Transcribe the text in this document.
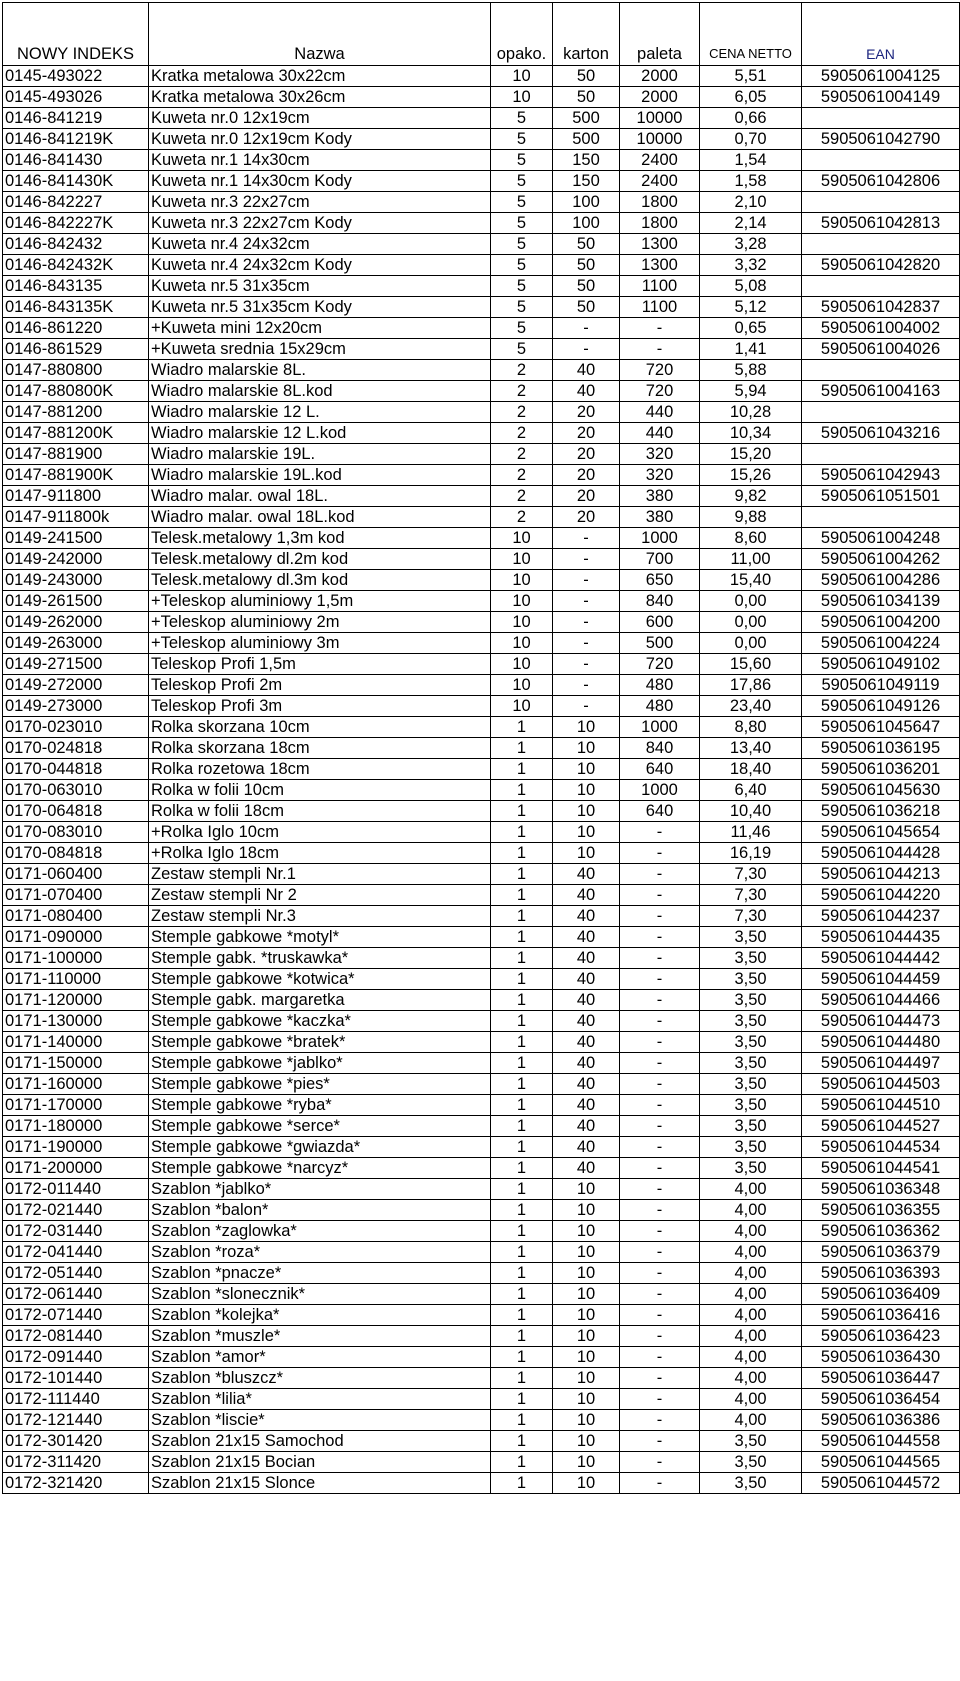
NOWY INDEKS	Nazwa	opako.	karton	paleta	CENA NETTO	EAN
0145-493022	Kratka metalowa 30x22cm	10	50	2000	5,51	5905061004125
0145-493026	Kratka metalowa 30x26cm	10	50	2000	6,05	5905061004149
0146-841219	Kuweta nr.0 12x19cm	5	500	10000	0,66	
0146-841219K	Kuweta nr.0 12x19cm Kody	5	500	10000	0,70	5905061042790
0146-841430	Kuweta nr.1 14x30cm	5	150	2400	1,54	
0146-841430K	Kuweta nr.1 14x30cm Kody	5	150	2400	1,58	5905061042806
0146-842227	Kuweta nr.3 22x27cm	5	100	1800	2,10	
0146-842227K	Kuweta nr.3 22x27cm Kody	5	100	1800	2,14	5905061042813
0146-842432	Kuweta nr.4 24x32cm	5	50	1300	3,28	
0146-842432K	Kuweta nr.4 24x32cm Kody	5	50	1300	3,32	5905061042820
0146-843135	Kuweta nr.5 31x35cm	5	50	1100	5,08	
0146-843135K	Kuweta nr.5 31x35cm Kody	5	50	1100	5,12	5905061042837
0146-861220	+Kuweta mini 12x20cm	5	-	-	0,65	5905061004002
0146-861529	+Kuweta srednia 15x29cm	5	-	-	1,41	5905061004026
0147-880800	Wiadro malarskie 8L.	2	40	720	5,88	
0147-880800K	Wiadro malarskie 8L.kod	2	40	720	5,94	5905061004163
0147-881200	Wiadro malarskie 12 L.	2	20	440	10,28	
0147-881200K	Wiadro malarskie 12 L.kod	2	20	440	10,34	5905061043216
0147-881900	Wiadro malarskie 19L.	2	20	320	15,20	
0147-881900K	Wiadro malarskie 19L.kod	2	20	320	15,26	5905061042943
0147-911800	Wiadro malar. owal 18L.	2	20	380	9,82	5905061051501
0147-911800k	Wiadro malar. owal 18L.kod	2	20	380	9,88	
0149-241500	Telesk.metalowy 1,3m kod	10	-	1000	8,60	5905061004248
0149-242000	Telesk.metalowy dl.2m kod	10	-	700	11,00	5905061004262
0149-243000	Telesk.metalowy dl.3m kod	10	-	650	15,40	5905061004286
0149-261500	+Teleskop aluminiowy 1,5m	10	-	840	0,00	5905061034139
0149-262000	+Teleskop aluminiowy 2m	10	-	600	0,00	5905061004200
0149-263000	+Teleskop aluminiowy 3m	10	-	500	0,00	5905061004224
0149-271500	Teleskop Profi 1,5m	10	-	720	15,60	5905061049102
0149-272000	Teleskop Profi 2m	10	-	480	17,86	5905061049119
0149-273000	Teleskop Profi 3m	10	-	480	23,40	5905061049126
0170-023010	Rolka skorzana 10cm	1	10	1000	8,80	5905061045647
0170-024818	Rolka skorzana 18cm	1	10	840	13,40	5905061036195
0170-044818	Rolka rozetowa 18cm	1	10	640	18,40	5905061036201
0170-063010	Rolka w folii 10cm	1	10	1000	6,40	5905061045630
0170-064818	Rolka w folii 18cm	1	10	640	10,40	5905061036218
0170-083010	+Rolka Iglo 10cm	1	10	-	11,46	5905061045654
0170-084818	+Rolka Iglo 18cm	1	10	-	16,19	5905061044428
0171-060400	Zestaw stempli Nr.1	1	40	-	7,30	5905061044213
0171-070400	Zestaw stempli Nr 2	1	40	-	7,30	5905061044220
0171-080400	Zestaw stempli Nr.3	1	40	-	7,30	5905061044237
0171-090000	Stemple gabkowe *motyl*	1	40	-	3,50	5905061044435
0171-100000	Stemple gabk. *truskawka*	1	40	-	3,50	5905061044442
0171-110000	Stemple gabkowe *kotwica*	1	40	-	3,50	5905061044459
0171-120000	Stemple gabk. margaretka	1	40	-	3,50	5905061044466
0171-130000	Stemple gabkowe *kaczka*	1	40	-	3,50	5905061044473
0171-140000	Stemple gabkowe *bratek*	1	40	-	3,50	5905061044480
0171-150000	Stemple gabkowe *jablko*	1	40	-	3,50	5905061044497
0171-160000	Stemple gabkowe *pies*	1	40	-	3,50	5905061044503
0171-170000	Stemple gabkowe *ryba*	1	40	-	3,50	5905061044510
0171-180000	Stemple gabkowe *serce*	1	40	-	3,50	5905061044527
0171-190000	Stemple gabkowe *gwiazda*	1	40	-	3,50	5905061044534
0171-200000	Stemple gabkowe *narcyz*	1	40	-	3,50	5905061044541
0172-011440	Szablon *jablko*	1	10	-	4,00	5905061036348
0172-021440	Szablon *balon*	1	10	-	4,00	5905061036355
0172-031440	Szablon *zaglowka*	1	10	-	4,00	5905061036362
0172-041440	Szablon *roza*	1	10	-	4,00	5905061036379
0172-051440	Szablon *pnacze*	1	10	-	4,00	5905061036393
0172-061440	Szablon *slonecznik*	1	10	-	4,00	5905061036409
0172-071440	Szablon *kolejka*	1	10	-	4,00	5905061036416
0172-081440	Szablon *muszle*	1	10	-	4,00	5905061036423
0172-091440	Szablon *amor*	1	10	-	4,00	5905061036430
0172-101440	Szablon *bluszcz*	1	10	-	4,00	5905061036447
0172-111440	Szablon *lilia*	1	10	-	4,00	5905061036454
0172-121440	Szablon *liscie*	1	10	-	4,00	5905061036386
0172-301420	Szablon 21x15 Samochod	1	10	-	3,50	5905061044558
0172-311420	Szablon 21x15 Bocian	1	10	-	3,50	5905061044565
0172-321420	Szablon 21x15 Slonce	1	10	-	3,50	5905061044572
